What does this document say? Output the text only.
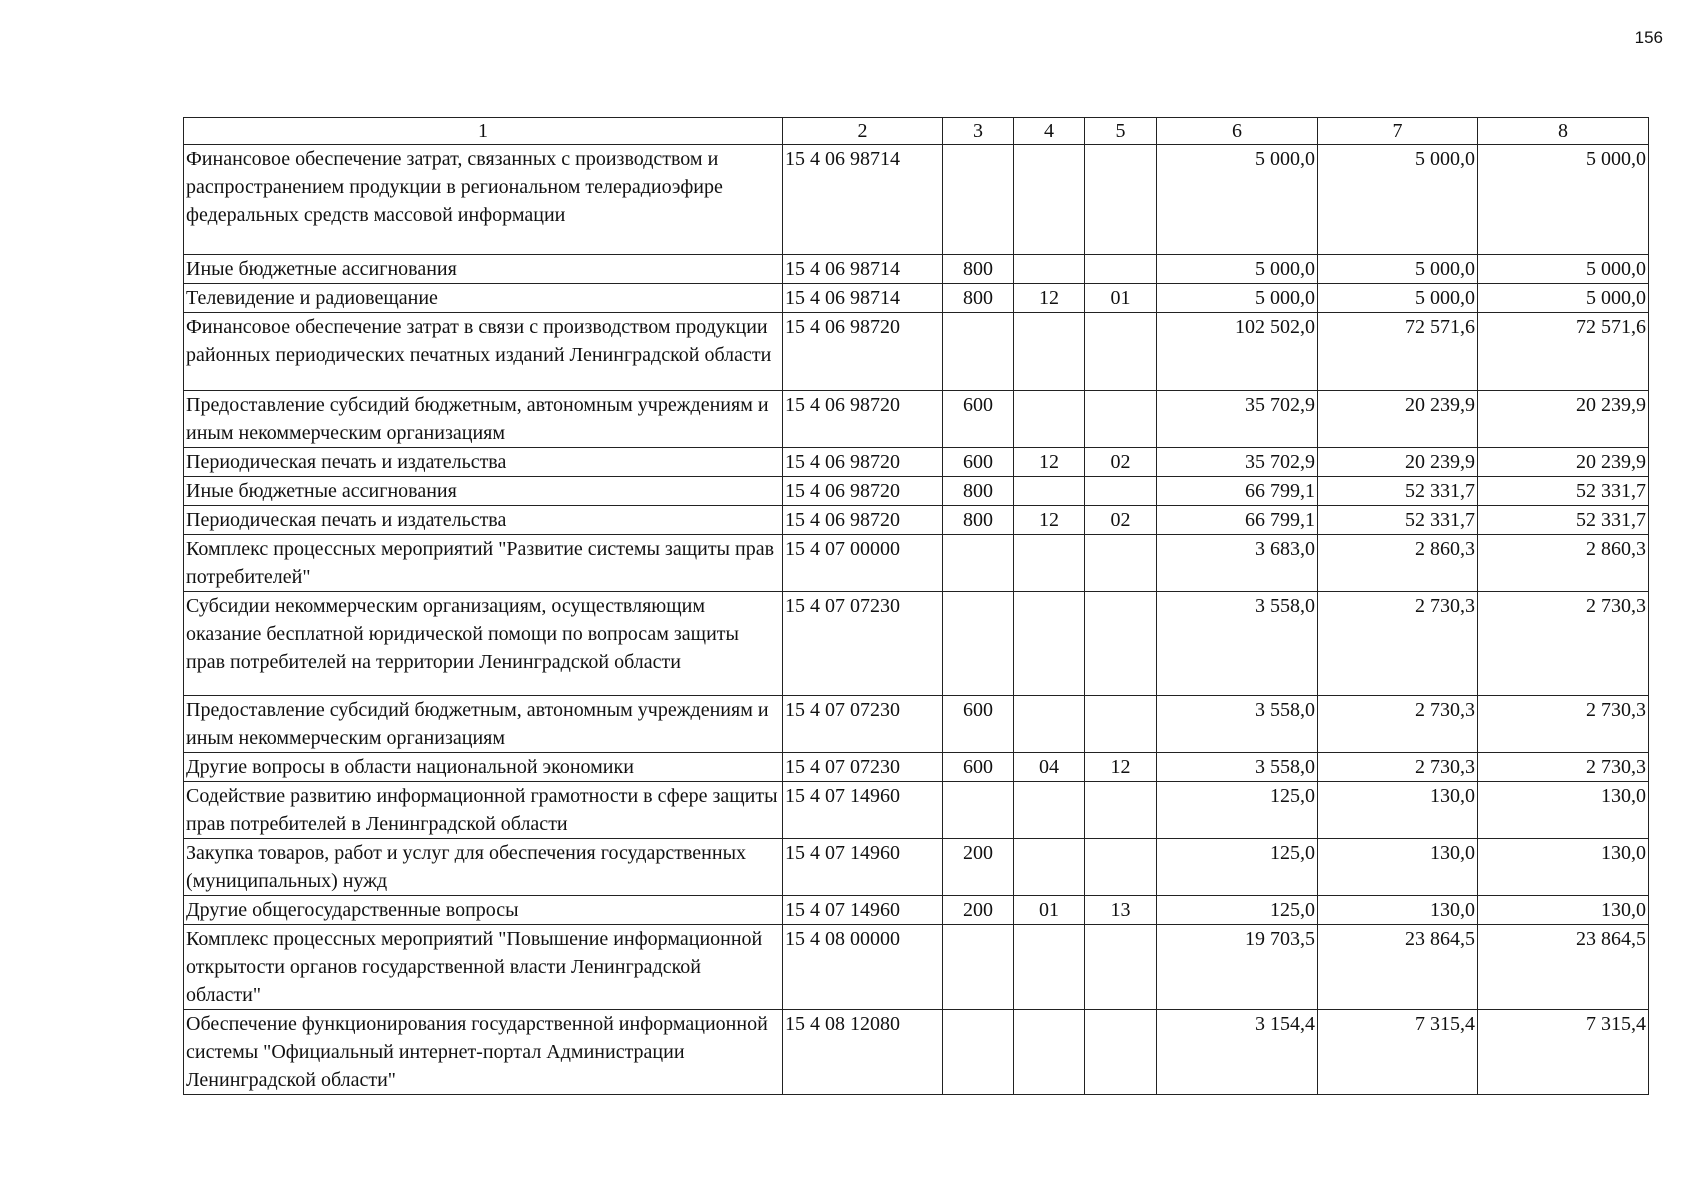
156
1	2	3	4	5	6	7	8
Финансовое обеспечение затрат, связанных с производством и распространением продукции в региональном телерадиоэфире федеральных средств массовой информации	15 4 06 98714				5 000,0	5 000,0	5 000,0
Иные бюджетные ассигнования	15 4 06 98714	800			5 000,0	5 000,0	5 000,0
Телевидение и радиовещание	15 4 06 98714	800	12	01	5 000,0	5 000,0	5 000,0
Финансовое обеспечение затрат в связи с производством продукции районных периодических печатных изданий Ленинградской области	15 4 06 98720				102 502,0	72 571,6	72 571,6
Предоставление субсидий бюджетным, автономным учреждениям и иным некоммерческим организациям	15 4 06 98720	600			35 702,9	20 239,9	20 239,9
Периодическая печать и издательства	15 4 06 98720	600	12	02	35 702,9	20 239,9	20 239,9
Иные бюджетные ассигнования	15 4 06 98720	800			66 799,1	52 331,7	52 331,7
Периодическая печать и издательства	15 4 06 98720	800	12	02	66 799,1	52 331,7	52 331,7
Комплекс процессных мероприятий "Развитие системы защиты прав потребителей"	15 4 07 00000				3 683,0	2 860,3	2 860,3
Субсидии некоммерческим организациям, осуществляющим оказание бесплатной юридической помощи по вопросам защиты прав потребителей на территории Ленинградской области	15 4 07 07230				3 558,0	2 730,3	2 730,3
Предоставление субсидий бюджетным, автономным учреждениям и иным некоммерческим организациям	15 4 07 07230	600			3 558,0	2 730,3	2 730,3
Другие вопросы в области национальной экономики	15 4 07 07230	600	04	12	3 558,0	2 730,3	2 730,3
Содействие развитию информационной грамотности в сфере защиты прав потребителей в Ленинградской области	15 4 07 14960				125,0	130,0	130,0
Закупка товаров, работ и услуг для обеспечения государственных (муниципальных) нужд	15 4 07 14960	200			125,0	130,0	130,0
Другие общегосударственные вопросы	15 4 07 14960	200	01	13	125,0	130,0	130,0
Комплекс процессных мероприятий "Повышение информационной открытости органов государственной власти Ленинградской области"	15 4 08 00000				19 703,5	23 864,5	23 864,5
Обеспечение функционирования государственной информационной системы "Официальный интернет-портал Администрации Ленинградской области"	15 4 08 12080				3 154,4	7 315,4	7 315,4
